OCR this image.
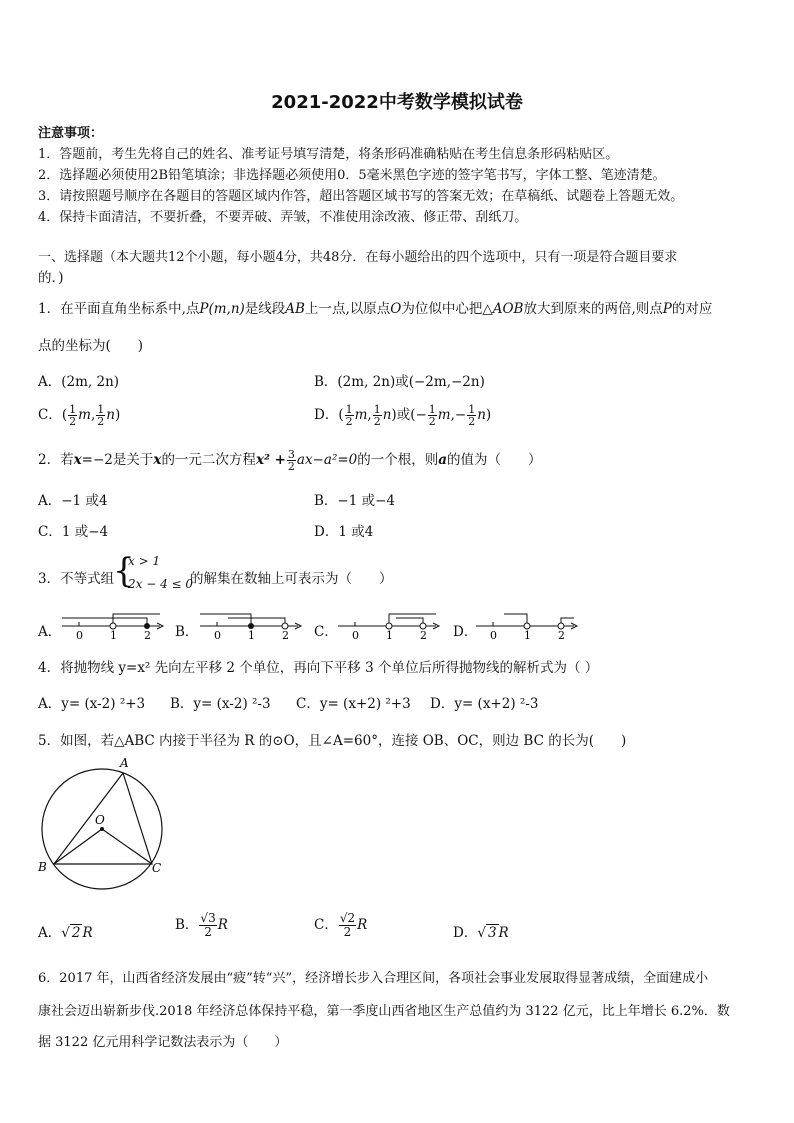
2021-2022中考数学模拟试卷
注意事项：
1．答题前，考生先将自己的姓名、准考证号填写清楚，将条形码准确粘贴在考生信息条形码粘贴区。
2．选择题必须使用2B铅笔填涂；非选择题必须使用0．5毫米黑色字迹的签字笔书写，字体工整、笔迹清楚。
3．请按照题号顺序在各题目的答题区域内作答，超出答题区域书写的答案无效；在草稿纸、试题卷上答题无效。
4．保持卡面清洁，不要折叠，不要弄破、弄皱，不准使用涂改液、修正带、刮纸刀。
一、选择题（本大题共12个小题，每小题4分，共48分．在每小题给出的四个选项中，只有一项是符合题目要求
的．)
1．在平面直角坐标系中,点P(m,n)是线段AB上一点,以原点O为位似中心把△AOB放大到原来的两倍,则点P的对应
点的坐标为(　　)
A．(2m, 2n)	B．(2m, 2n)或(−2m,−2n)
C．( $\frac{1}{2} m$, $\frac{1}{2} n$)	D．( $\frac{1}{2} m$, $\frac{1}{2} n$)或(− $\frac{1}{2} m,- \frac{1}{2} n$)
2．若x=−2是关于x的一元二次方程$x^2 + \frac{3}{2} ax-a^2=0$的一个根，则a的值为（　　）
A．−1 或4	B．−1 或−4
C．1 或−4	D．1 或4
3．不等式组
{
x > 1
2x − 4 ≤ 0
的解集在数轴上可表示为（　　）
A． 0 1 2 B． 0 1 2 C． 0 1 2 D． 0 1 2
4．将抛物线 y=x² 先向左平移 2 个单位，再向下平移 3 个单位后所得抛物线的解析式为（ ）
A．y= (x-2) ²+3 B．y= (x-2) ²-3 C．y= (x+2) ²+3 D．y= (x+2) ²-3
5．如图，若△ABC 内接于半径为 R 的⊙O，且∠A=60°，连接 OB、OC，则边 BC 的长为(　　)
A
B	C
O
A．√ 2 R	B． $\frac{√3}{2}$ R	C． $\frac{√2}{2}$ R	D．√ 3 R
6．2017 年，山西省经济发展由“疲”转“兴”，经济增长步入合理区间，各项社会事业发展取得显著成绩，全面建成小
康社会迈出崭新步伐.2018 年经济总体保持平稳，第一季度山西省地区生产总值约为 3122 亿元，比上年增长 6.2%．数
据 3122 亿元用科学记数法表示为（　　）
